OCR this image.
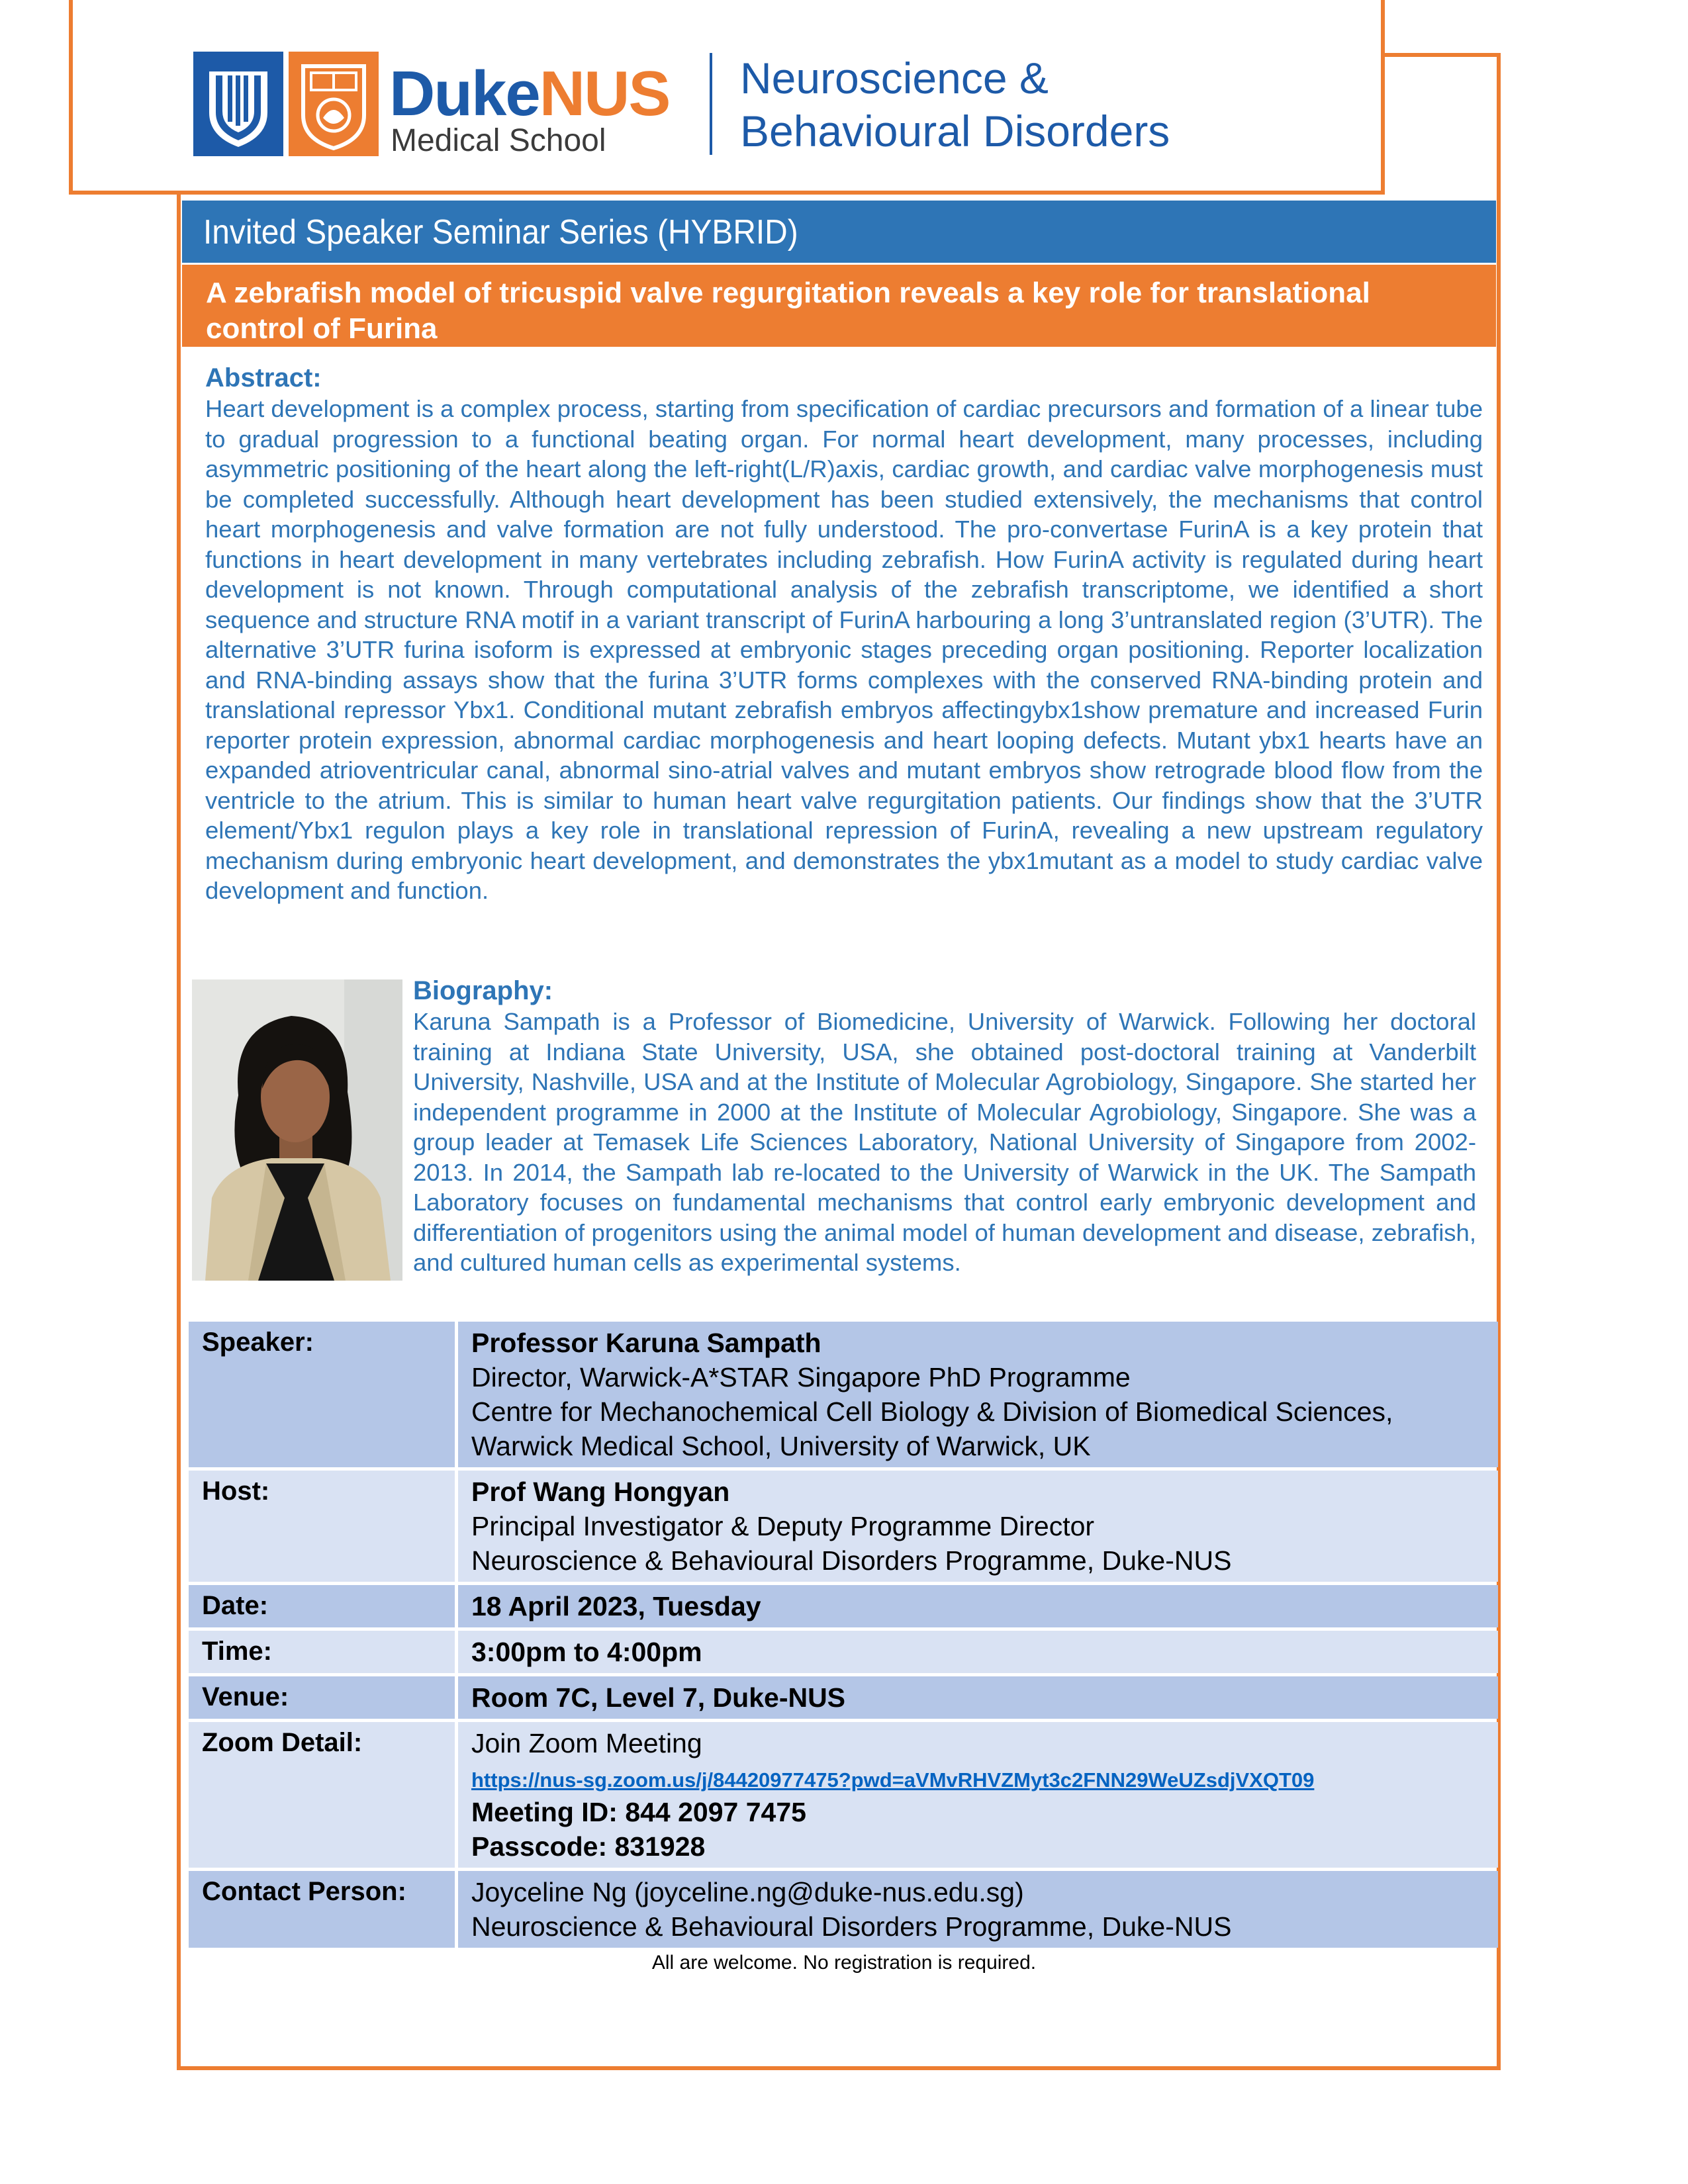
DukeNUS
Medical School
Neuroscience &
Behavioural Disorders
Invited Speaker Seminar Series (HYBRID)
A zebrafish model of tricuspid valve regurgitation reveals a key role for translational control of Furina
Abstract:
Heart development is a complex process, starting from specification of cardiac precursors and formation of a linear tube to gradual progression to a functional beating organ. For normal heart development, many processes, including asymmetric positioning of the heart along the left-right(L/R)axis, cardiac growth, and cardiac valve morphogenesis must be completed successfully. Although heart development has been studied extensively, the mechanisms that control heart morphogenesis and valve formation are not fully understood. The pro-convertase FurinA is a key protein that functions in heart development in many vertebrates including zebrafish. How FurinA activity is regulated during heart development is not known. Through computational analysis of the zebrafish transcriptome, we identified a short sequence and structure RNA motif in a variant transcript of FurinA harbouring a long 3’untranslated region (3’UTR). The alternative 3’UTR furina isoform is expressed at embryonic stages preceding organ positioning. Reporter localization and RNA-binding assays show that the furina 3’UTR forms complexes with the conserved RNA-binding protein and translational repressor Ybx1. Conditional mutant zebrafish embryos affectingybx1show premature and increased Furin reporter protein expression, abnormal cardiac morphogenesis and heart looping defects. Mutant ybx1 hearts have an expanded atrioventricular canal, abnormal sino-atrial valves and mutant embryos show retrograde blood flow from the ventricle to the atrium. This is similar to human heart valve regurgitation patients. Our findings show that the 3’UTR element/Ybx1 regulon plays a key role in translational repression of FurinA, revealing a new upstream regulatory mechanism during embryonic heart development, and demonstrates the ybx1mutant as a model to study cardiac valve development and function.
Biography:
Karuna Sampath is a Professor of Biomedicine, University of Warwick. Following her doctoral training at Indiana State University, USA, she obtained post-doctoral training at Vanderbilt University, Nashville, USA and at the Institute of Molecular Agrobiology, Singapore. She started her independent programme in 2000 at the Institute of Molecular Agrobiology, Singapore. She was a group leader at Temasek Life Sciences Laboratory, National University of Singapore from 2002-2013. In 2014, the Sampath lab re-located to the University of Warwick in the UK. The Sampath Laboratory focuses on fundamental mechanisms that control early embryonic development and differentiation of progenitors using the animal model of human development and disease, zebrafish, and cultured human cells as experimental systems.
Speaker:	Professor Karuna Sampath
Director, Warwick-A*STAR Singapore PhD Programme
Centre for Mechanochemical Cell Biology & Division of Biomedical Sciences,
Warwick Medical School, University of Warwick, UK

Host:	Prof Wang Hongyan
Principal Investigator & Deputy Programme Director
Neuroscience & Behavioural Disorders Programme, Duke-NUS

Date:	18 April 2023, Tuesday
Time:	3:00pm to 4:00pm
Venue:	Room 7C, Level 7, Duke-NUS
Zoom Detail:	Join Zoom Meeting
https://nus-sg.zoom.us/j/84420977475?pwd=aVMvRHVZMyt3c2FNN29WeUZsdjVXQT09
Meeting ID: 844 2097 7475
Passcode: 831928

Contact Person:	Joyceline Ng (joyceline.ng@duke-nus.edu.sg)
Neuroscience & Behavioural Disorders Programme, Duke-NUS
All are welcome. No registration is required.
